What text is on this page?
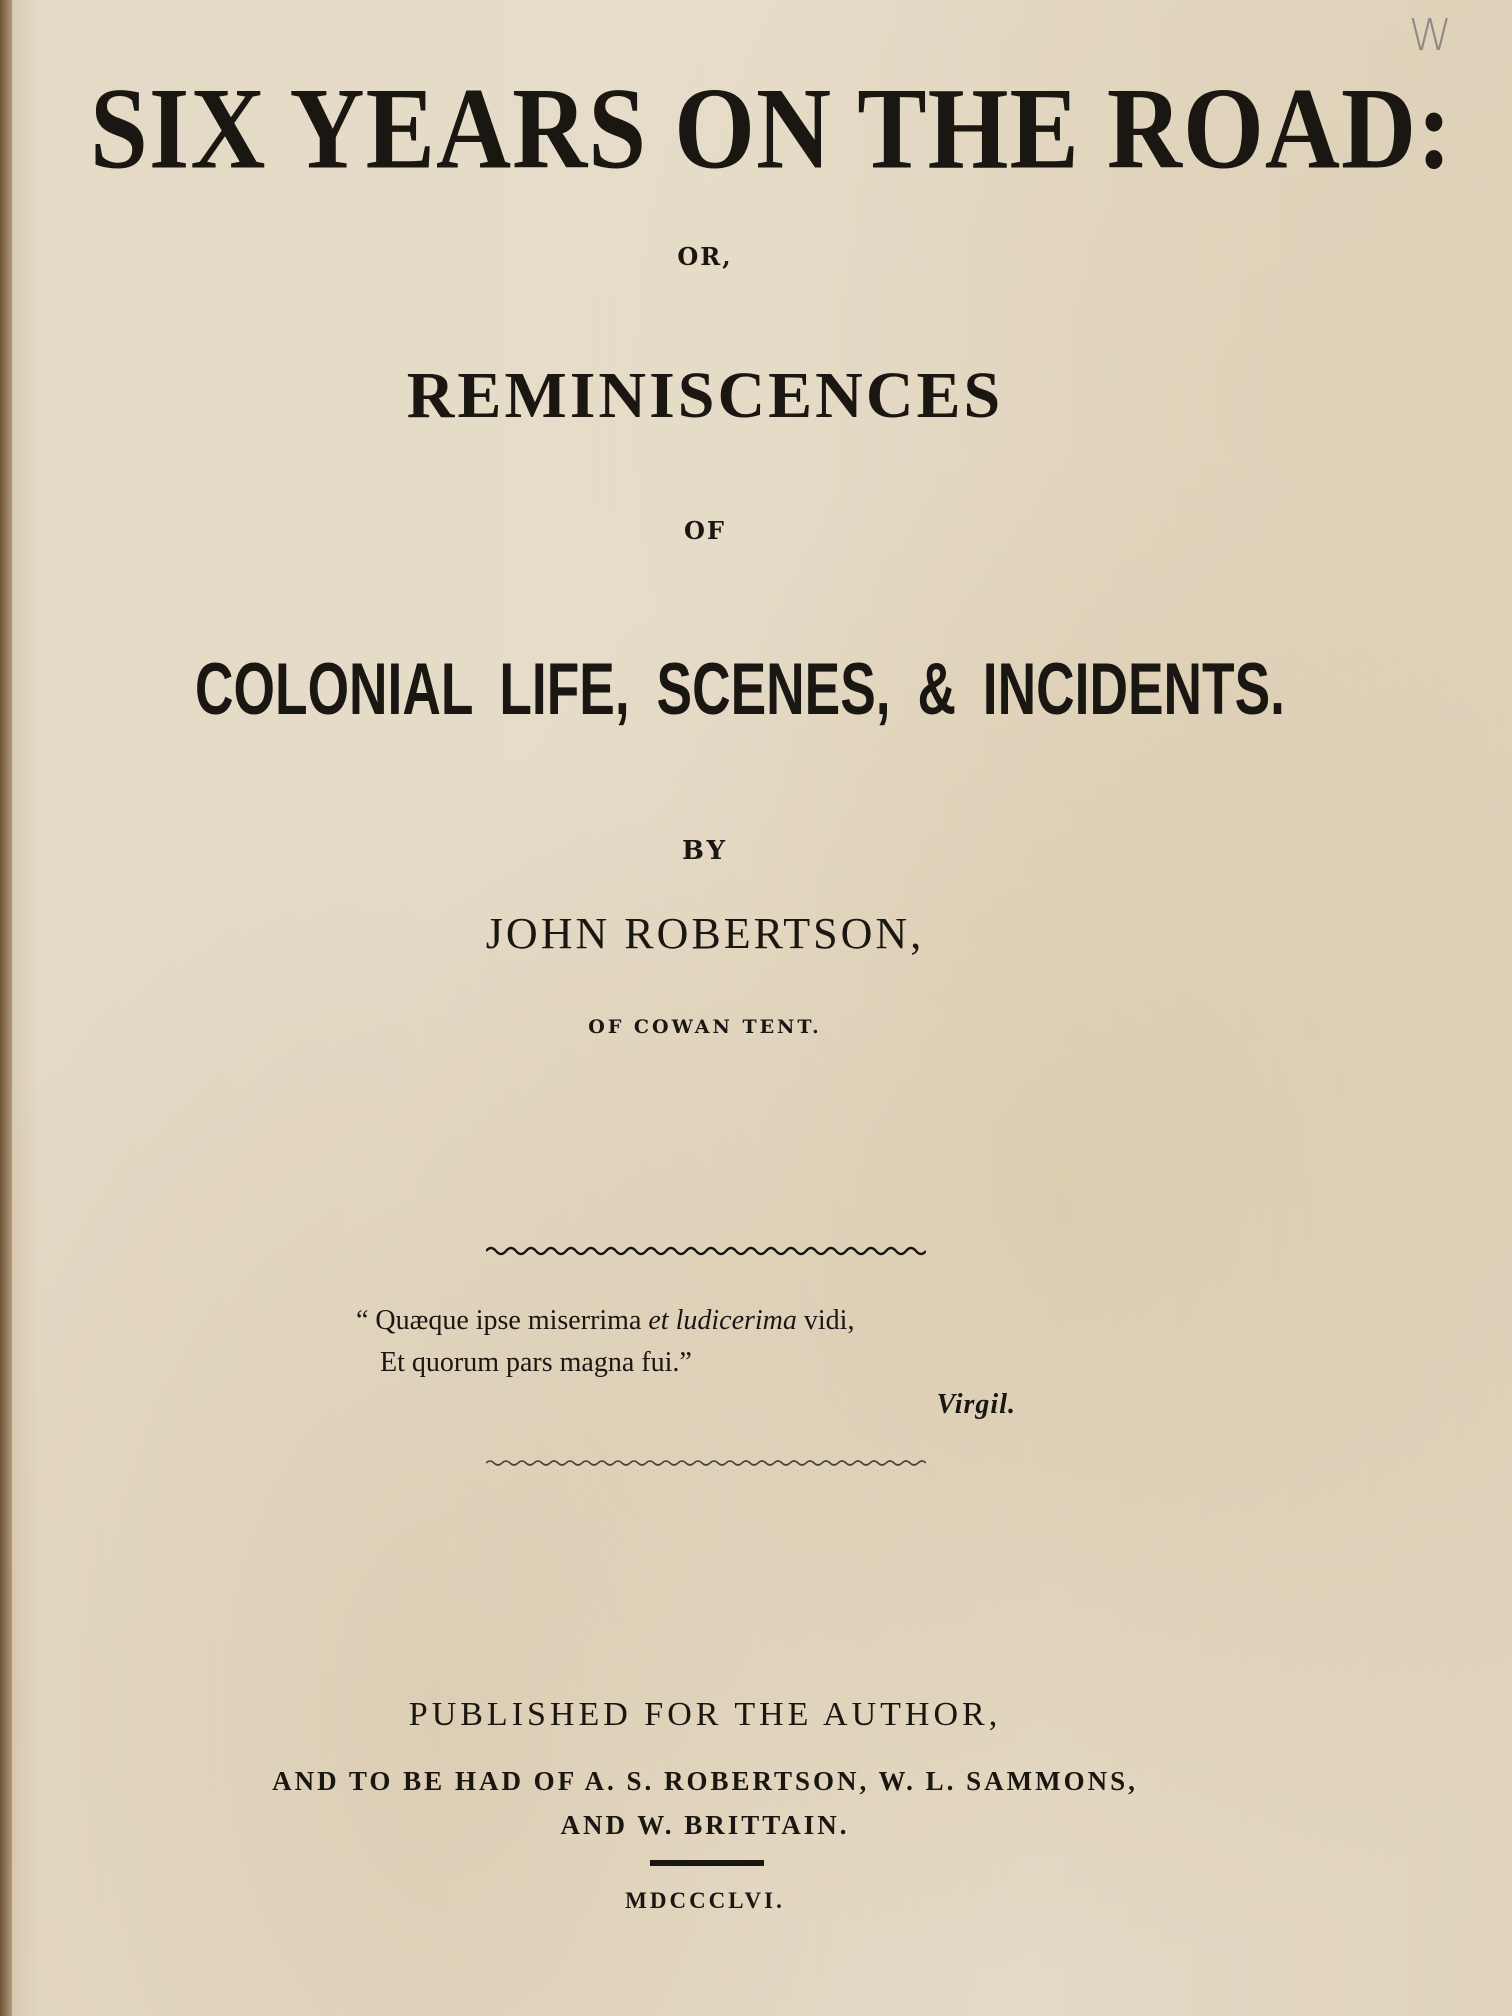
W
SIX YEARS ON THE ROAD:
OR,
REMINISCENCES
OF
COLONIAL LIFE, SCENES, & INCIDENTS.
BY
JOHN ROBERTSON,
OF COWAN TENT.
“ Quæque ipse miserrima et ludicerima vidi,
Et quorum pars magna fui.”
Virgil.
PUBLISHED FOR THE AUTHOR,
AND TO BE HAD OF A. S. ROBERTSON, W. L. SAMMONS,
AND W. BRITTAIN.
MDCCCLVI.
